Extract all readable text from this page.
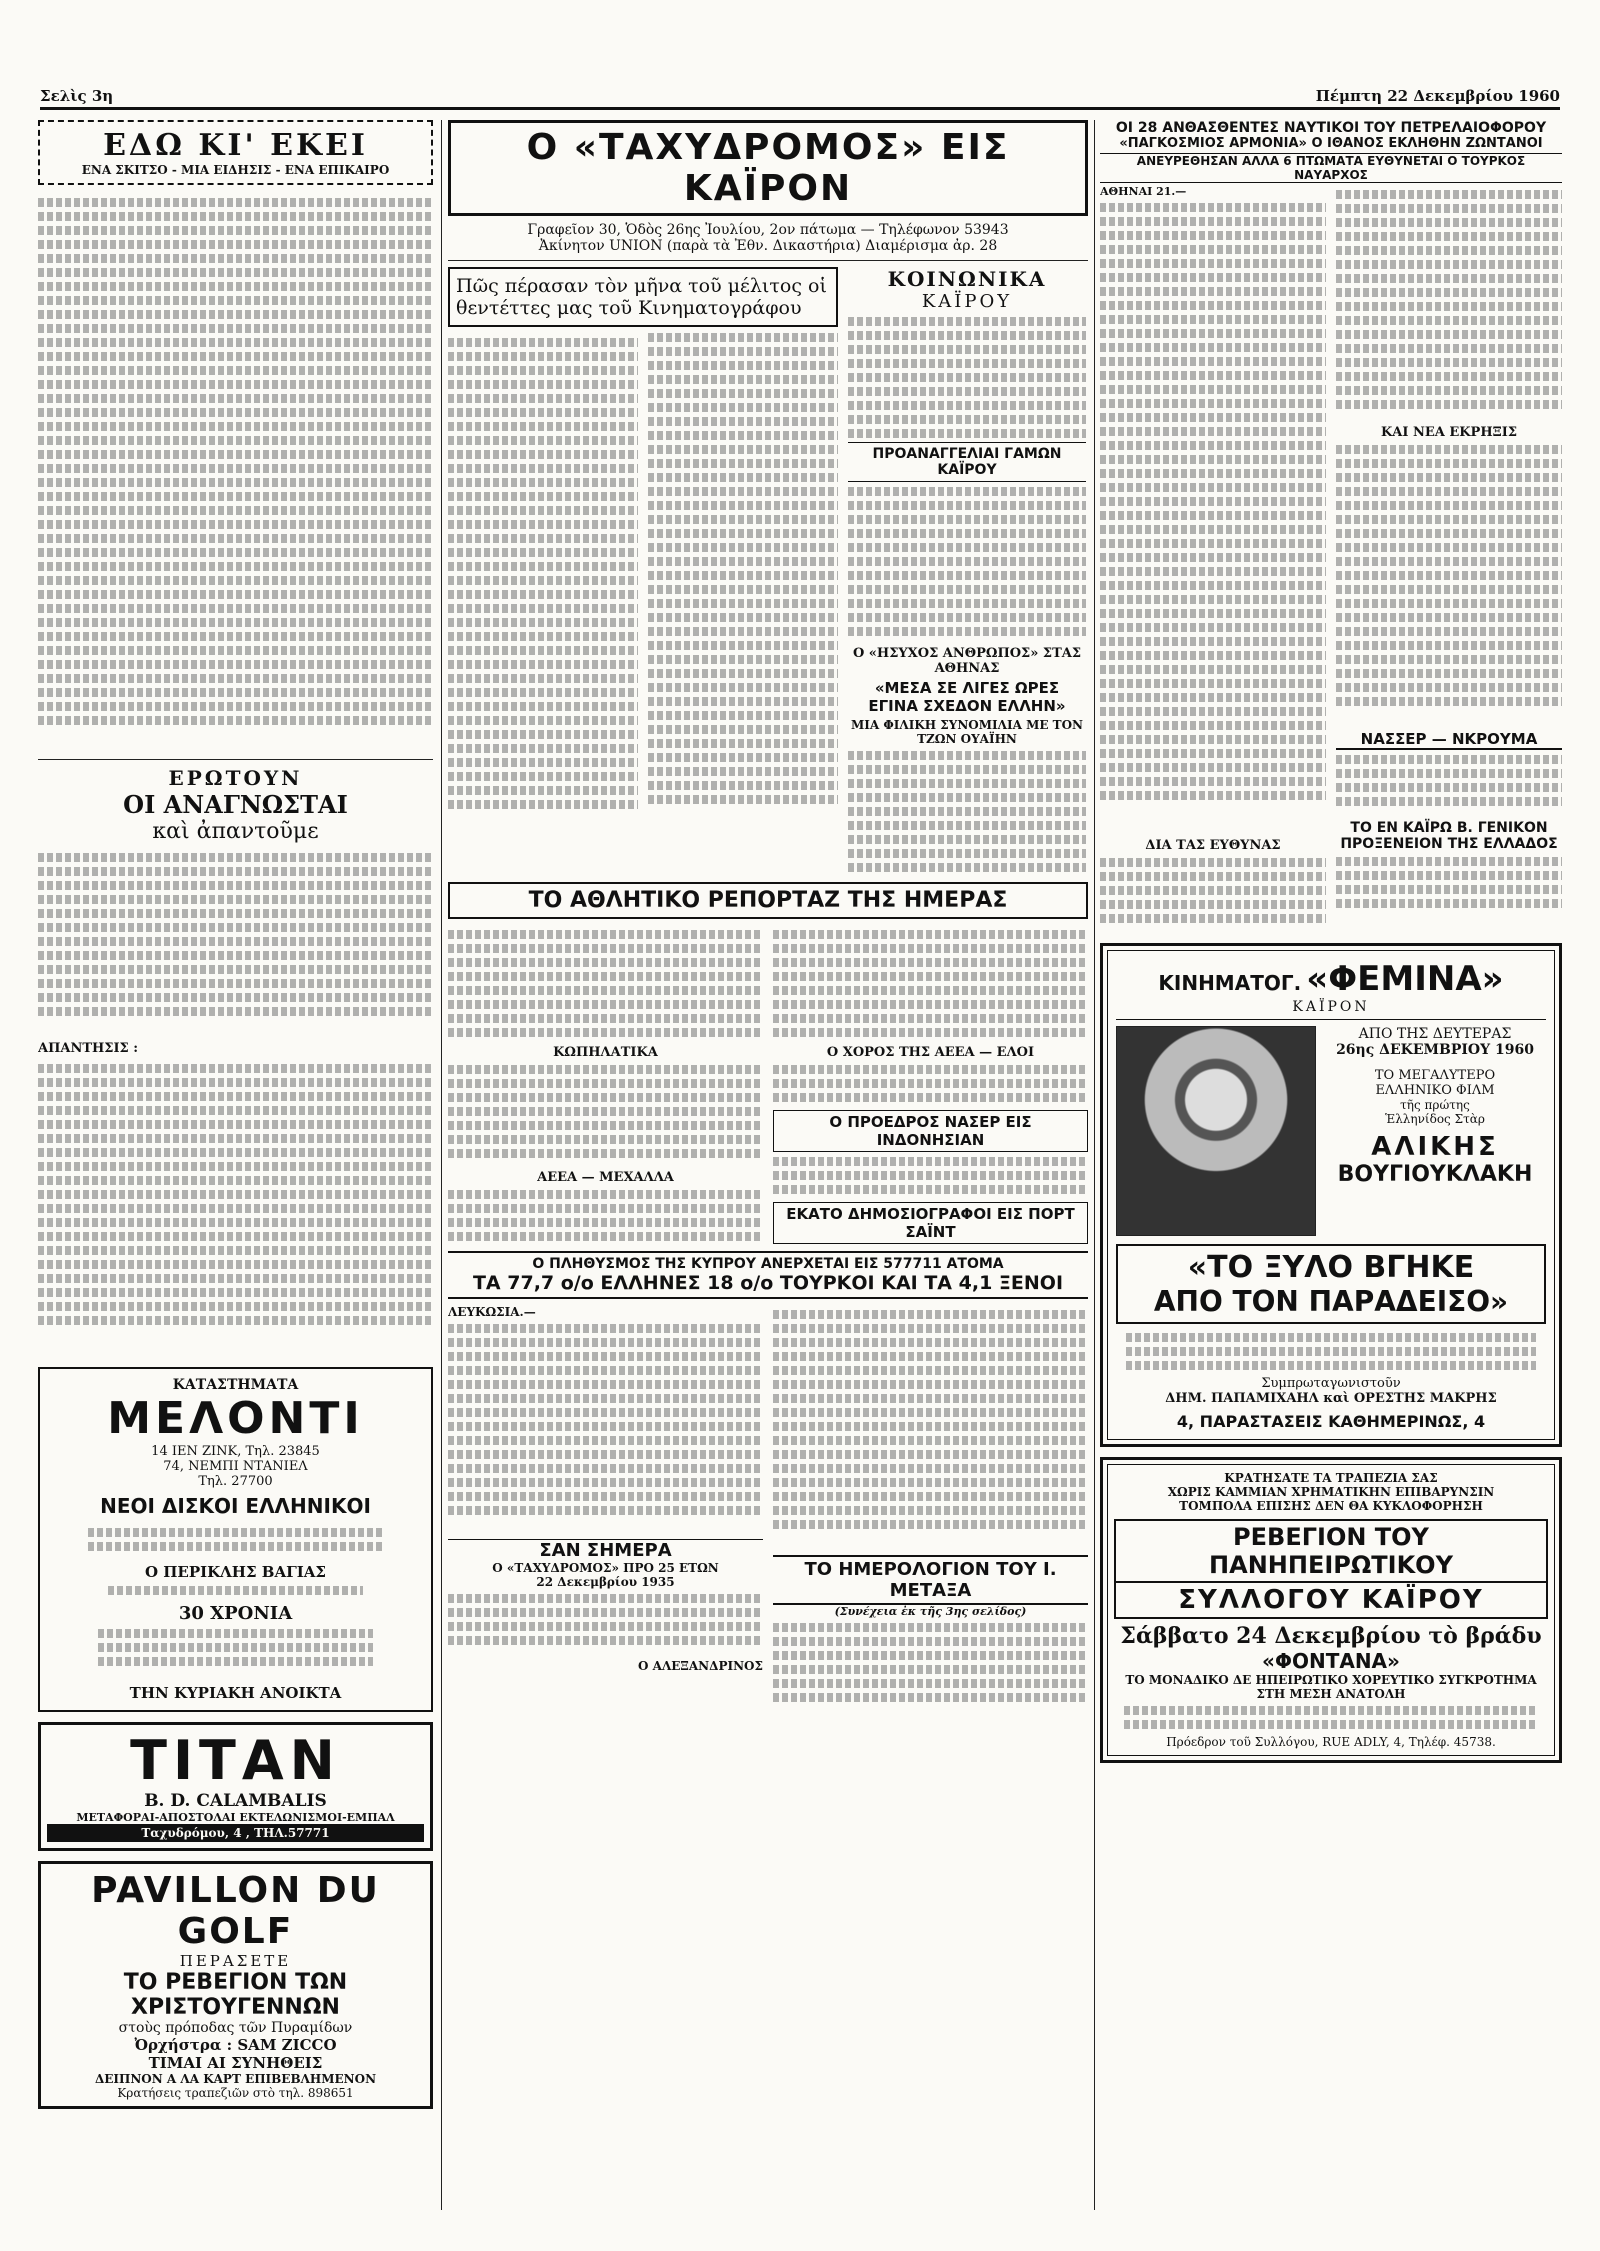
Σελὶς 3η	Πέμπτη 22 Δεκεμβρίου 1960
ΕΔΩ ΚΙ' ΕΚΕΙ
ΕΝΑ ΣΚΙΤΣΟ - ΜΙΑ ΕΙΔΗΣΙΣ - ΕΝΑ ΕΠΙΚΑΙΡΟ
ΕΡΩΤΟΥΝ
ΟΙ ΑΝΑΓΝΩΣΤΑΙ
καὶ ἀπαντοῦμε
ΑΠΑΝΤΗΣΙΣ :
ΚΑΤΑΣΤΗΜΑΤΑ
ΜΕΛΟΝΤΙ
14 ΙΕΝ ΖΙΝΚ, Τηλ. 23845
74, ΝΕΜΠΙ ΝΤΑΝΙΕΛ
Τηλ. 27700
ΝΕΟΙ ΔΙΣΚΟΙ ΕΛΛΗΝΙΚΟΙ
Ο ΠΕΡΙΚΛΗΣ ΒΑΓΙΑΣ
30 ΧΡΟΝΙΑ
ΤΗΝ ΚΥΡΙΑΚΗ ΑΝΟΙΚΤΑ
ΤΙΤΑΝ
B. D. CALAMBALIS
ΜΕΤΑΦΟΡΑΙ-ΑΠΟΣΤΟΛΑΙ ΕΚΤΕΛΩΝΙΣΜΟΙ-ΕΜΠΑΛ
Ταχυδρόμου, 4 , ΤΗΛ.57771
PAVILLON DU GOLF
ΠΕΡΑΣΕΤΕ
ΤΟ ΡΕΒΕΓΙΟΝ ΤΩΝ ΧΡΙΣΤΟΥΓΕΝΝΩΝ
στοὺς πρόποδας τῶν Πυραμίδων
Ὀρχήστρα : SAM ZICCO
ΤΙΜΑΙ ΑΙ ΣΥΝΗΘΕΙΣ
ΔΕΙΠΝΟΝ Α ΛΑ ΚΑΡΤ ΕΠΙΒΕΒΛΗΜΕΝΟΝ
Κρατήσεις τραπεζιῶν στὸ τηλ. 898651
Ο «ΤΑΧΥΔΡΟΜΟΣ» ΕΙΣ ΚΑΪΡΟΝ
Γραφεῖον 30, Ὁδὸς 26ης Ἰουλίου, 2ον πάτωμα — Τηλέφωνον 53943
Ἀκίνητον UNION (παρὰ τὰ Ἐθν. Δικαστήρια) Διαμέρισμα ἀρ. 28
Πῶς πέρασαν τὸν μῆνα τοῦ μέλιτος οἱ θεντέττες μας τοῦ Κινηματογράφου
ΚΟΙΝΩΝΙΚΑ
ΚΑΪΡΟΥ
ΠΡΟΑΝΑΓΓΕΛΙΑΙ ΓΑΜΩΝ ΚΑΪΡΟΥ
Ο «ΗΣΥΧΟΣ ΑΝΘΡΩΠΟΣ» ΣΤΑΣ ΑΘΗΝΑΣ
«ΜΕΣΑ ΣΕ ΛΙΓΕΣ ΩΡΕΣ ΕΓΙΝΑ ΣΧΕΔΟΝ ΕΛΛΗΝ»
ΜΙΑ ΦΙΛΙΚΗ ΣΥΝΟΜΙΛΙΑ ΜΕ ΤΟΝ ΤΖΩΝ ΟΥΑΪΗΝ
ΤΟ ΑΘΛΗΤΙΚΟ ΡΕΠΟΡΤΑΖ ΤΗΣ ΗΜΕΡΑΣ
ΚΩΠΗΛΑΤΙΚΑ
ΑΕΕΑ — ΜΕΧΑΛΛΑ
Ο ΧΟΡΟΣ ΤΗΣ ΑΕΕΑ — ΕΛΟΙ
Ο ΠΡΟΕΔΡΟΣ ΝΑΣΕΡ ΕΙΣ ΙΝΔΟΝΗΣΙΑΝ
ΕΚΑΤΟ ΔΗΜΟΣΙΟΓΡΑΦΟΙ ΕΙΣ ΠΟΡΤ ΣΑΪΝΤ
Ο ΠΛΗΘΥΣΜΟΣ ΤΗΣ ΚΥΠΡΟΥ ΑΝΕΡΧΕΤΑΙ ΕΙΣ 577711 ΑΤΟΜΑ
ΤΑ 77,7 ο/ο ΕΛΛΗΝΕΣ 18 ο/ο ΤΟΥΡΚΟΙ ΚΑΙ ΤΑ 4,1 ΞΕΝΟΙ
ΛΕΥΚΩΣΙΑ.—
ΣΑΝ ΣΗΜΕΡΑ
Ο «ΤΑΧΥΔΡΟΜΟΣ» ΠΡΟ 25 ΕΤΩΝ
22 Δεκεμβρίου 1935
Ο ΑΛΕΞΑΝΔΡΙΝΟΣ
ΤΟ ΗΜΕΡΟΛΟΓΙΟΝ ΤΟΥ Ι. ΜΕΤΑΞΑ
(Συνέχεια ἐκ τῆς 3ης σελίδος)
ΟΙ 28 ΑΝΘΑΣΘΕΝΤΕΣ ΝΑΥΤΙΚΟΙ ΤΟΥ ΠΕΤΡΕΛΑΙΟΦΟΡΟΥ
«ΠΑΓΚΟΣΜΙΟΣ ΑΡΜΟΝΙΑ» Ο ΙΘΑΝΟΣ ΕΚΛΗΘΗΝ ΖΩΝΤΑΝΟΙ
ΑΝΕΥΡΕΘΗΣΑΝ ΑΛΛΑ 6 ΠΤΩΜΑΤΑ ΕΥΘΥΝΕΤΑΙ Ο ΤΟΥΡΚΟΣ ΝΑΥΑΡΧΟΣ
ΑΘΗΝΑΙ 21.—
ΔΙΑ ΤΑΣ ΕΥΘΥΝΑΣ
ΚΑΙ ΝΕΑ ΕΚΡΗΞΙΣ
ΝΑΣΣΕΡ — ΝΚΡΟΥΜΑ
ΤΟ ΕΝ ΚΑΪΡΩ Β. ΓΕΝΙΚΟΝ
ΠΡΟΞΕΝΕΙΟΝ ΤΗΣ ΕΛΛΑΔΟΣ
ΚΙΝΗΜΑΤΟΓ. «ΦΕΜΙΝΑ»
ΚΑΪΡΟΝ
ΑΠΟ ΤΗΣ ΔΕΥΤΕΡΑΣ
26ης ΔΕΚΕΜΒΡΙΟΥ 1960
ΤΟ ΜΕΓΑΛΥΤΕΡΟ
ΕΛΛΗΝΙΚΟ ΦΙΛΜ
τῆς πρώτης
Ἑλληνίδος Στὰρ
ΑΛΙΚΗΣ
ΒΟΥΓΙΟΥΚΛΑΚΗ
«ΤΟ ΞΥΛΟ ΒΓΗΚΕ
ΑΠΟ ΤΟΝ ΠΑΡΑΔΕΙΣΟ»
Συμπρωταγωνιστοῦν
ΔΗΜ. ΠΑΠΑΜΙΧΑΗΛ καὶ ΟΡΕΣΤΗΣ ΜΑΚΡΗΣ
4, ΠΑΡΑΣΤΑΣΕΙΣ ΚΑΘΗΜΕΡΙΝΩΣ, 4
ΚΡΑΤΗΣΑΤΕ ΤΑ ΤΡΑΠΕΖΙΑ ΣΑΣ
ΧΩΡΙΣ ΚΑΜΜΙΑΝ ΧΡΗΜΑΤΙΚΗΝ ΕΠΙΒΑΡΥΝΣΙΝ
ΤΟΜΠΟΛΑ ΕΠΙΣΗΣ ΔΕΝ ΘΑ ΚΥΚΛΟΦΟΡΗΣΗ
ΡΕΒΕΓΙΟΝ ΤΟΥ ΠΑΝΗΠΕΙΡΩΤΙΚΟΥ
ΣΥΛΛΟΓΟΥ ΚΑΪΡΟΥ
Σάββατο 24 Δεκεμβρίου τὸ βράδυ
«ΦΟΝΤΑΝΑ»
ΤΟ ΜΟΝΑΔΙΚΟ ΔΕ ΗΠΕΙΡΩΤΙΚΟ ΧΟΡΕΥΤΙΚΟ ΣΥΓΚΡΟΤΗΜΑ ΣΤΗ ΜΕΣΗ ΑΝΑΤΟΛΗ
Πρόεδρον τοῦ Συλλόγου, RUE ADLY, 4, Τηλέφ. 45738.
